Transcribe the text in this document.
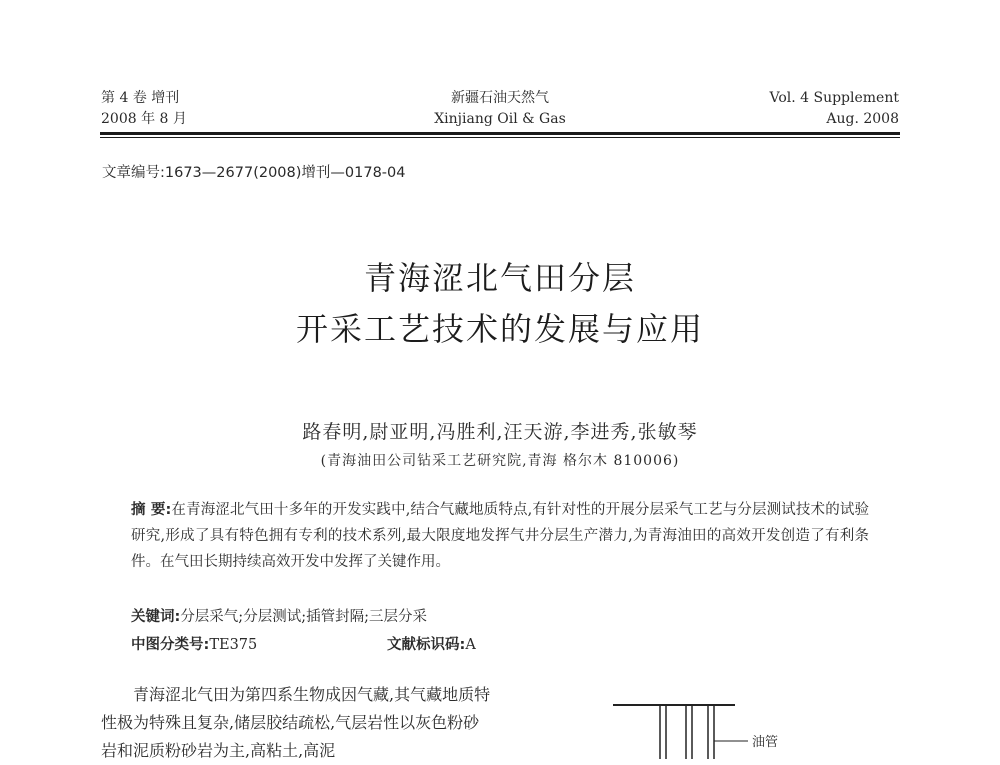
第 4 卷 增刊
2008 年 8 月
新疆石油天然气
Xinjiang Oil & Gas
Vol. 4 Supplement
Aug. 2008
文章编号:1673—2677(2008)增刊—0178-04
青海涩北气田分层
开采工艺技术的发展与应用
路春明,尉亚明,冯胜利,汪天游,李进秀,张敏琴
(青海油田公司钻采工艺研究院,青海 格尔木 810006)
摘 要:在青海涩北气田十多年的开发实践中,结合气藏地质特点,有针对性的开展分层采气工艺与分层测试技术的试验研究,形成了具有特色拥有专利的技术系列,最大限度地发挥气井分层生产潜力,为青海油田的高效开发创造了有利条件。在气田长期持续高效开发中发挥了关键作用。
关键词:分层采气;分层测试;插管封隔;三层分采
中图分类号:TE375	文献标识码:A
青海涩北气田为第四系生物成因气藏,其气藏地质特性极为特殊且复杂,储层胶结疏松,气层岩性以灰色粉砂岩和泥质粉砂岩为主,高粘土,高泥	油管
